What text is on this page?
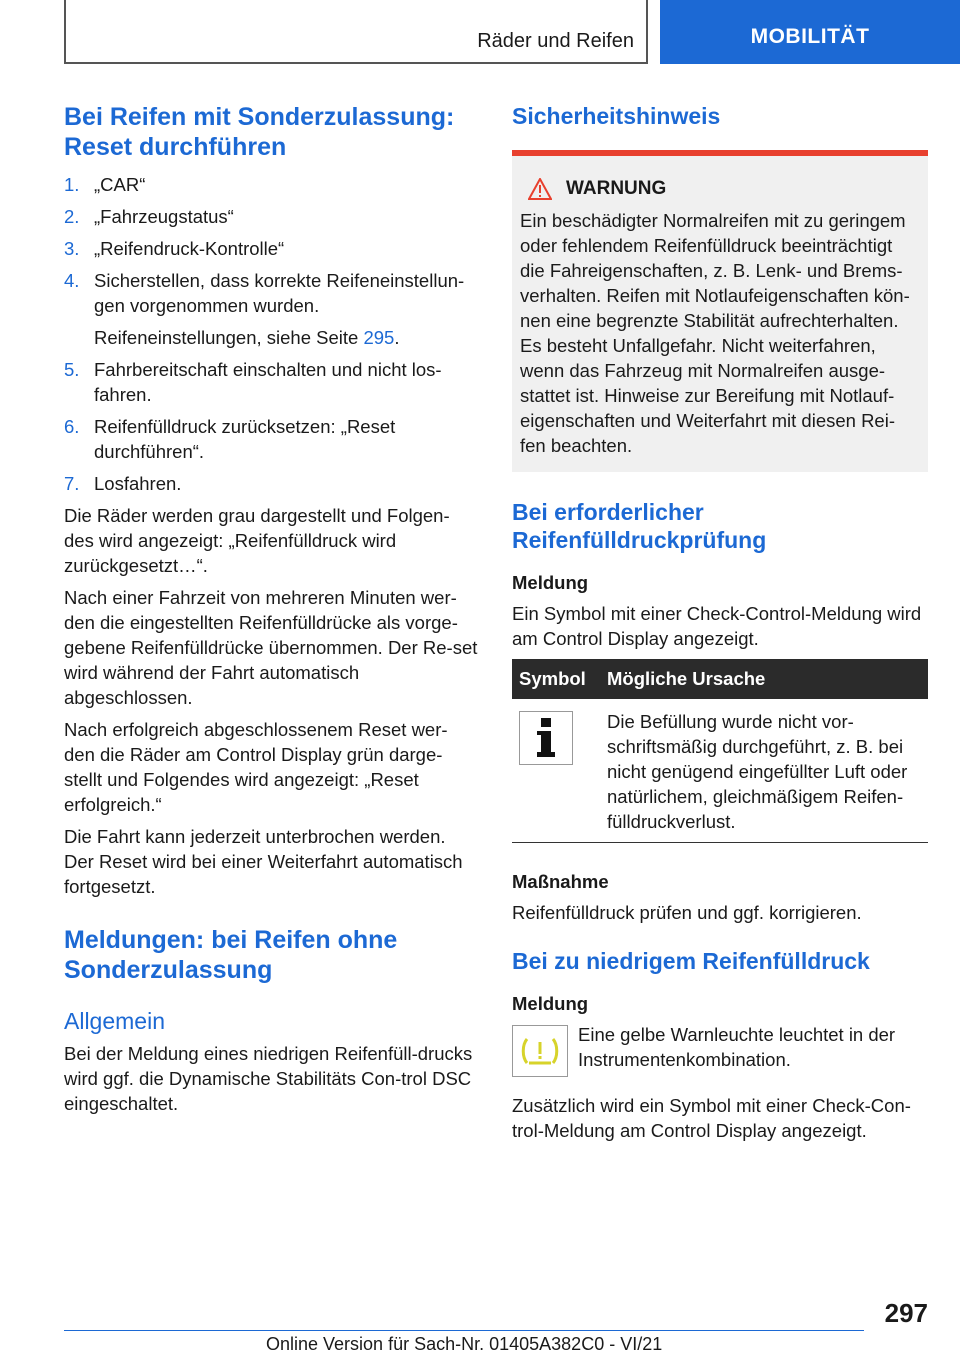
Räder und Reifen	MOBILITÄT
Bei Reifen mit Sonderzulassung: Reset durchführen
1. „CAR“
2. „Fahrzeugstatus“
3. „Reifendruck-Kontrolle“
4. Sicherstellen, dass korrekte Reifeneinstellun-gen vorgenommen wurden.
Reifeneinstellungen, siehe Seite 295.
5. Fahrbereitschaft einschalten und nicht los-fahren.
6. Reifenfülldruck zurücksetzen: „Reset durchführen“.
7. Losfahren.

Die Räder werden grau dargestellt und Folgen-des wird angezeigt: „Reifenfülldruck wird zurückgesetzt…“.

Nach einer Fahrzeit von mehreren Minuten wer-den die eingestellten Reifenfülldrücke als vorge-gebene Reifenfülldrücke übernommen. Der Re-set wird während der Fahrt automatisch abgeschlossen.

Nach erfolgreich abgeschlossenem Reset wer-den die Räder am Control Display grün darge-stellt und Folgendes wird angezeigt: „Reset erfolgreich.“

Die Fahrt kann jederzeit unterbrochen werden. Der Reset wird bei einer Weiterfahrt automatisch fortgesetzt.

Meldungen: bei Reifen ohne Sonderzulassung
Allgemein

Bei der Meldung eines niedrigen Reifenfüll-drucks wird ggf. die Dynamische Stabilitäts Con-trol DSC eingeschaltet.

Sicherheitshinweis
WARNUNG

Ein beschädigter Normalreifen mit zu geringem oder fehlendem Reifenfülldruck beeinträchtigt die Fahreigenschaften, z. B. Lenk- und Brems-verhalten. Reifen mit Notlaufeigenschaften kön-nen eine begrenzte Stabilität aufrechterhalten. Es besteht Unfallgefahr. Nicht weiterfahren, wenn das Fahrzeug mit Normalreifen ausge-stattet ist. Hinweise zur Bereifung mit Notlauf-eigenschaften und Weiterfahrt mit diesen Rei-fen beachten.

Bei erforderlicher Reifenfülldruckprüfung
Meldung

Ein Symbol mit einer Check-Control-Meldung wird am Control Display angezeigt.

Symbol	Mögliche Ursache

	Die Befüllung wurde nicht vor-schriftsmäßig durchgeführt, z. B. bei nicht genügend eingefüllter Luft oder natürlichem, gleichmäßigem Reifen-fülldruckverlust.
Maßnahme

Reifenfülldruck prüfen und ggf. korrigieren.

Bei zu niedrigem Reifenfülldruck
Meldung

Eine gelbe Warnleuchte leuchtet in der Instrumentenkombination.

Zusätzlich wird ein Symbol mit einer Check-Con-trol-Meldung am Control Display angezeigt.

297
Online Version für Sach-Nr. 01405A382C0 - VI/21
